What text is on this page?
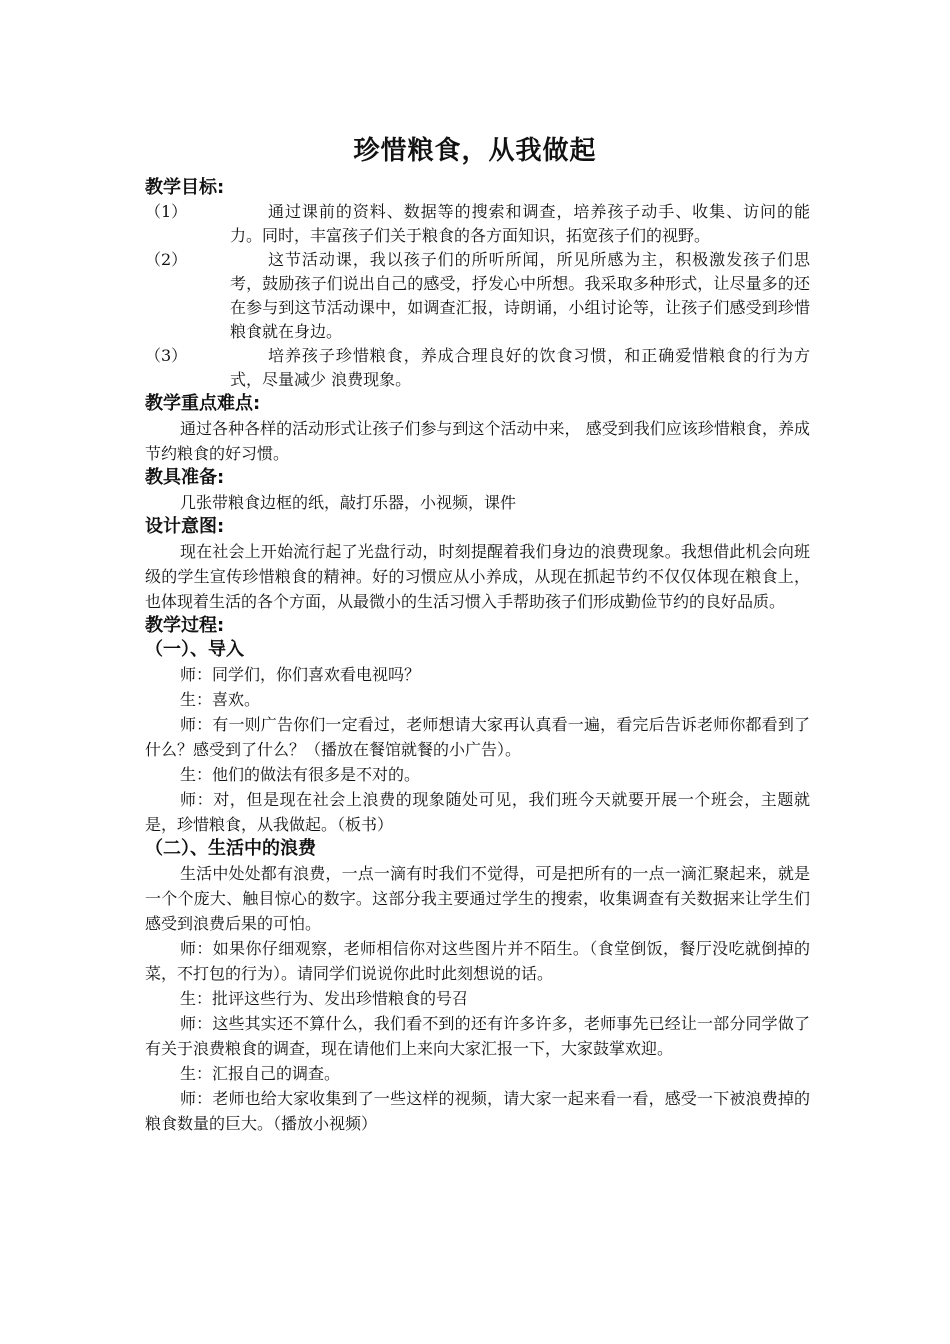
珍惜粮食，从我做起
教学目标:
（1）	通过课前的资料、数据等的搜索和调查，培养孩子动手、收集、访问的能力。同时，丰富孩子们关于粮食的各方面知识，拓宽孩子们的视野。
（2）	这节活动课，我以孩子们的所听所闻，所见所感为主，积极激发孩子们思考，鼓励孩子们说出自己的感受，抒发心中所想。我采取多种形式，让尽量多的还在参与到这节活动课中，如调查汇报，诗朗诵，小组讨论等，让孩子们感受到珍惜粮食就在身边。
（3）	培养孩子珍惜粮食，养成合理良好的饮食习惯，和正确爱惜粮食的行为方式，尽量减少 浪费现象。
教学重点难点:

通过各种各样的活动形式让孩子们参与到这个活动中来， 感受到我们应该珍惜粮食，养成节约粮食的好习惯。

教具准备:

几张带粮食边框的纸，敲打乐器，小视频，课件

设计意图:

现在社会上开始流行起了光盘行动，时刻提醒着我们身边的浪费现象。我想借此机会向班级的学生宣传珍惜粮食的精神。好的习惯应从小养成，从现在抓起节约不仅仅体现在粮食上，也体现着生活的各个方面，从最微小的生活习惯入手帮助孩子们形成勤俭节约的良好品质。

教学过程:
（一）、导入

师：同学们，你们喜欢看电视吗？

生：喜欢。

师：有一则广告你们一定看过，老师想请大家再认真看一遍，看完后告诉老师你都看到了什么？感受到了什么？（播放在餐馆就餐的小广告）。

生：他们的做法有很多是不对的。

师：对，但是现在社会上浪费的现象随处可见，我们班今天就要开展一个班会，主题就是，珍惜粮食，从我做起。（板书）

（二）、生活中的浪费

生活中处处都有浪费，一点一滴有时我们不觉得，可是把所有的一点一滴汇聚起来，就是一个个庞大、触目惊心的数字。这部分我主要通过学生的搜索，收集调查有关数据来让学生们感受到浪费后果的可怕。

师：如果你仔细观察，老师相信你对这些图片并不陌生。（食堂倒饭，餐厅没吃就倒掉的菜，不打包的行为）。请同学们说说你此时此刻想说的话。

生：批评这些行为、发出珍惜粮食的号召

师：这些其实还不算什么，我们看不到的还有许多许多，老师事先已经让一部分同学做了有关于浪费粮食的调查，现在请他们上来向大家汇报一下，大家鼓掌欢迎。

生：汇报自己的调查。

师：老师也给大家收集到了一些这样的视频，请大家一起来看一看，感受一下被浪费掉的粮食数量的巨大。（播放小视频）
